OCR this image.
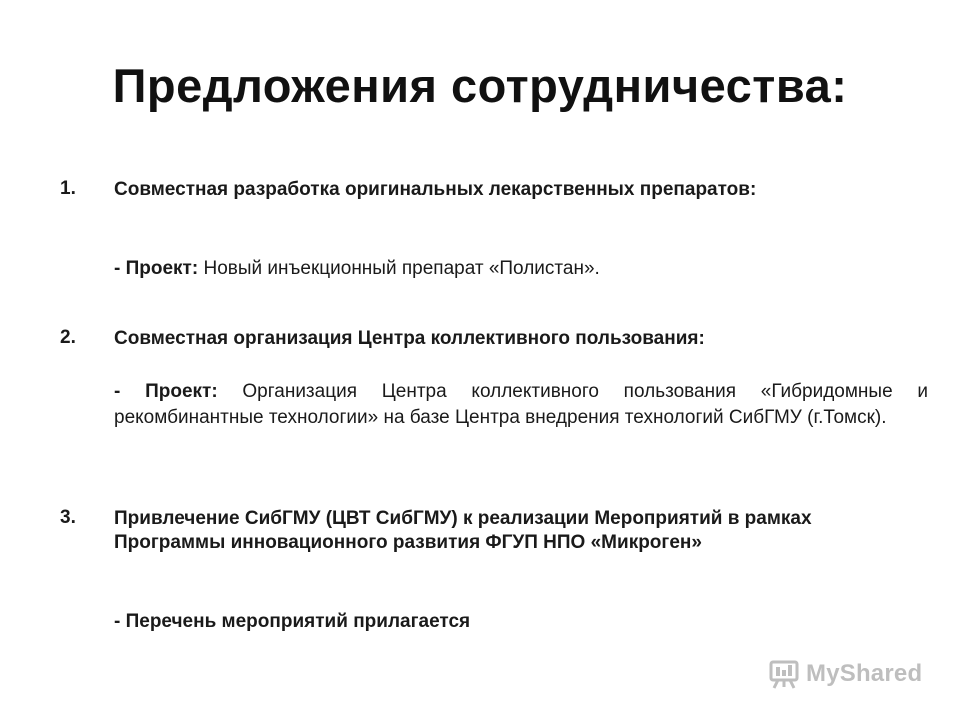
Предложения сотрудничества:
1.	Совместная разработка оригинальных лекарственных препаратов:
- Проект: Новый инъекционный препарат «Полистан».
2.	Совместная организация Центра коллективного пользования:
- Проект: Организация Центра коллективного пользования «Гибридомные и рекомбинантные технологии» на базе Центра внедрения технологий СибГМУ (г.Томск).
3.	Привлечение СибГМУ (ЦВТ СибГМУ) к реализации Мероприятий в рамках Программы инновационного развития ФГУП НПО «Микроген»
- Перечень мероприятий прилагается
MyShared
